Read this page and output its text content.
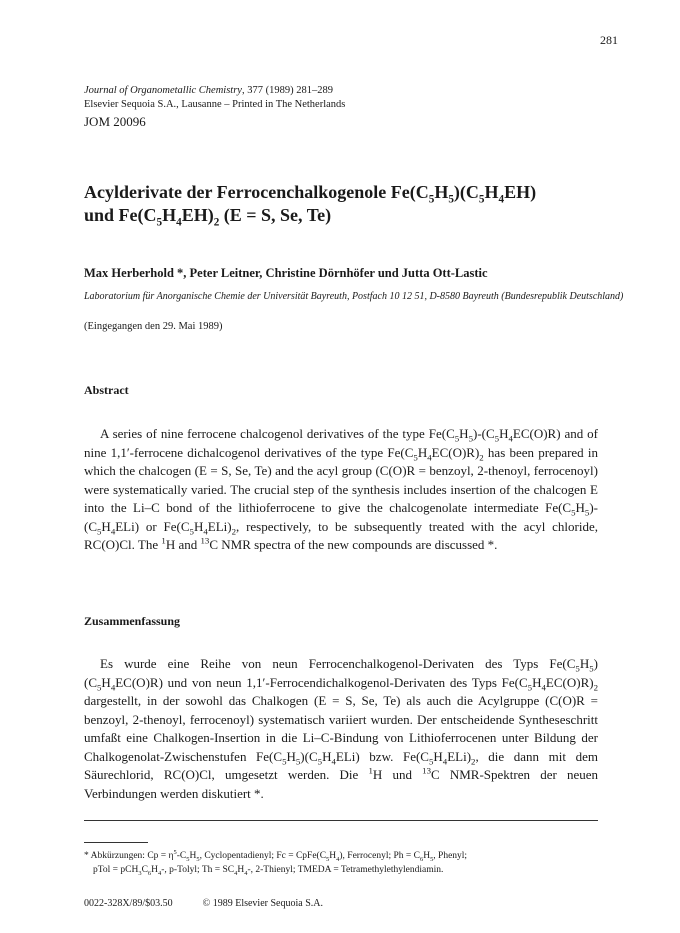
281
Journal of Organometallic Chemistry, 377 (1989) 281–289
Elsevier Sequoia S.A., Lausanne – Printed in The Netherlands
JOM 20096
Acylderivate der Ferrocenchalkogenole $Fe(C_5H_5)(C_5H_4EH)$
und $Fe(C_5H_4EH)_2$ (E = S, Se, Te)
Max Herberhold *, Peter Leitner, Christine Dörnhöfer und Jutta Ott-Lastic
Laboratorium für Anorganische Chemie der Universität Bayreuth, Postfach 10 12 51, D-8580 Bayreuth (Bundesrepublik Deutschland)
(Eingegangen den 29. Mai 1989)
Abstract

A series of nine ferrocene chalcogenol derivatives of the type $Fe(C_5H_5)-(C_5H_4EC(O)R)$ and of nine 1,1′-ferrocene dichalcogenol derivatives of the type $Fe(C_5H_4EC(O)R)_2$ has been prepared in which the chalcogen (E = S, Se, Te) and the acyl group (C(O)R = benzoyl, 2-thenoyl, ferrocenoyl) were systematically varied. The crucial step of the synthesis includes insertion of the chalcogen E into the Li–C bond of the lithioferrocene to give the chalcogenolate intermediate $Fe(C_5H_5)-(C_5H_4ELi)$ or $Fe(C_5H_4ELi)_2$, respectively, to be subsequently treated with the acyl chloride, RC(O)Cl. The $^1$H and $^{13}$C NMR spectra of the new compounds are discussed *.

Zusammenfassung

Es wurde eine Reihe von neun Ferrocenchalkogenol-Derivaten des Typs $Fe(C_5H_5)(C_5H_4EC(O)R)$ und von neun 1,1′-Ferrocendichalkogenol-Derivaten des Typs $Fe(C_5H_4EC(O)R)_2$ dargestellt, in der sowohl das Chalkogen (E = S, Se, Te) als auch die Acylgruppe (C(O)R = benzoyl, 2-thenoyl, ferrocenoyl) systematisch variiert wurden. Der entscheidende Syntheseschritt umfaßt eine Chalkogen-Insertion in die Li–C-Bindung von Lithioferrocenen unter Bildung der Chalkogenolat-Zwischenstufen $Fe(C_5H_5)(C_5H_4ELi)$ bzw. $Fe(C_5H_4ELi)_2$, die dann mit dem Säurechlorid, RC(O)Cl, umgesetzt werden. Die $^1$H und $^{13}$C NMR-Spektren der neuen Verbindungen werden diskutiert *.

* Abkürzungen: $Cp = \eta^5-C_5H_5$, Cyclopentadienyl; $Fc = CpFe(C_5H_4)$, Ferrocenyl; $Ph = C_6H_5$, Phenyl;
pTol = $pCH_3C_6H_4-$, p-Tolyl; $Th = SC_4H_4-$, 2-Thienyl; TMEDA = Tetramethylethylendiamin.
0022-328X/89/$03.50	© 1989 Elsevier Sequoia S.A.
